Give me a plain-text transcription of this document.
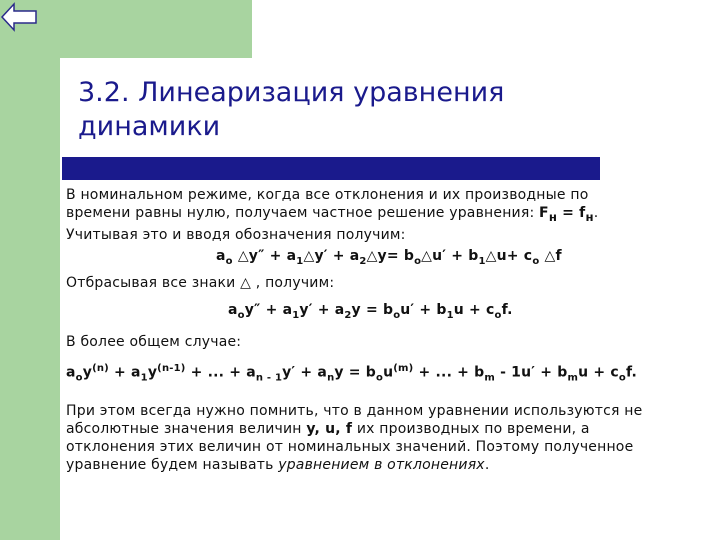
3.2. Линеаризация уравнения
динамики

В номинальном режиме, когда все отклонения и их производные по
времени равны нулю, получаем частное решение уравнения: $F_н = f_н$.
Учитывая это и вводя обозначения получим:

$a_o$ △y″ + $a_1\triangle y'$ + $a_2\triangle y=$ $b_o\triangle u'$ + $b_1\triangle u+ c_o$ △f

Отбрасывая все знаки △ , получим:

$a_oy'' + a_1y' + a_2y = b_ou' + b_1u + c_of$.

В более общем случае:

$a_oy^{(n)} + a_1y^{(n-1)}$ + ... + $a_{n - 1}y' + a_ny = b_ou^{(m)}$ + ... + $b_m - 1u' + b_mu + c_of$.

При этом всегда нужно помнить, что в данном уравнении используются не
абсолютные значения величин y, u, f их производных по времени, а
отклонения этих величин от номинальных значений. Поэтому полученное
уравнение будем называть уравнением в отклонениях.
